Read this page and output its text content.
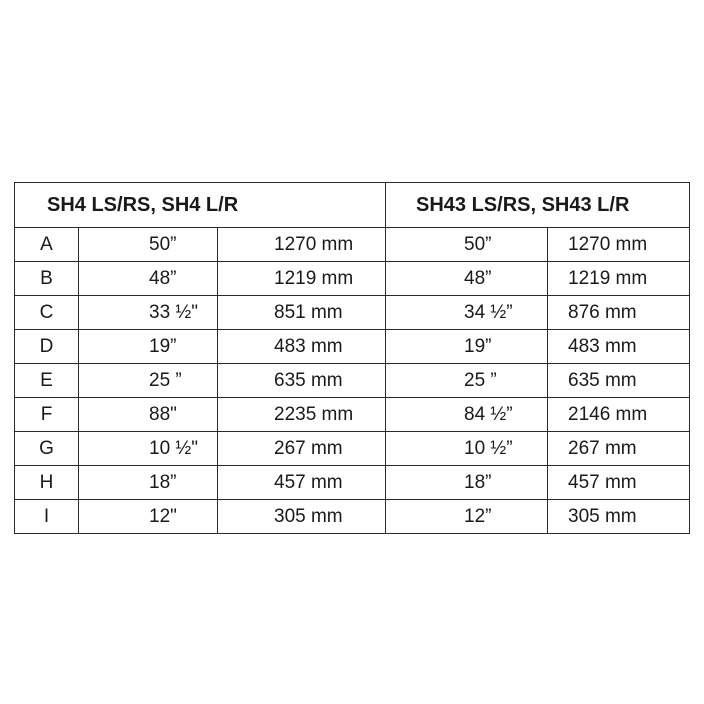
SH4 LS/RS, SH4 L/R			SH43 LS/RS, SH43 L/R	
A	50”	1270 mm	50”	1270 mm
B	48”	1219 mm	48”	1219 mm
C	33 ½"	851 mm	34 ½”	876 mm
D	19”	483 mm	19”	483 mm
E	25 ”	635 mm	25 ”	635 mm
F	88"	2235 mm	84 ½”	2146 mm
G	10 ½"	267 mm	10 ½”	267 mm
H	18”	457 mm	18”	457 mm
I	12"	305 mm	12”	305 mm
